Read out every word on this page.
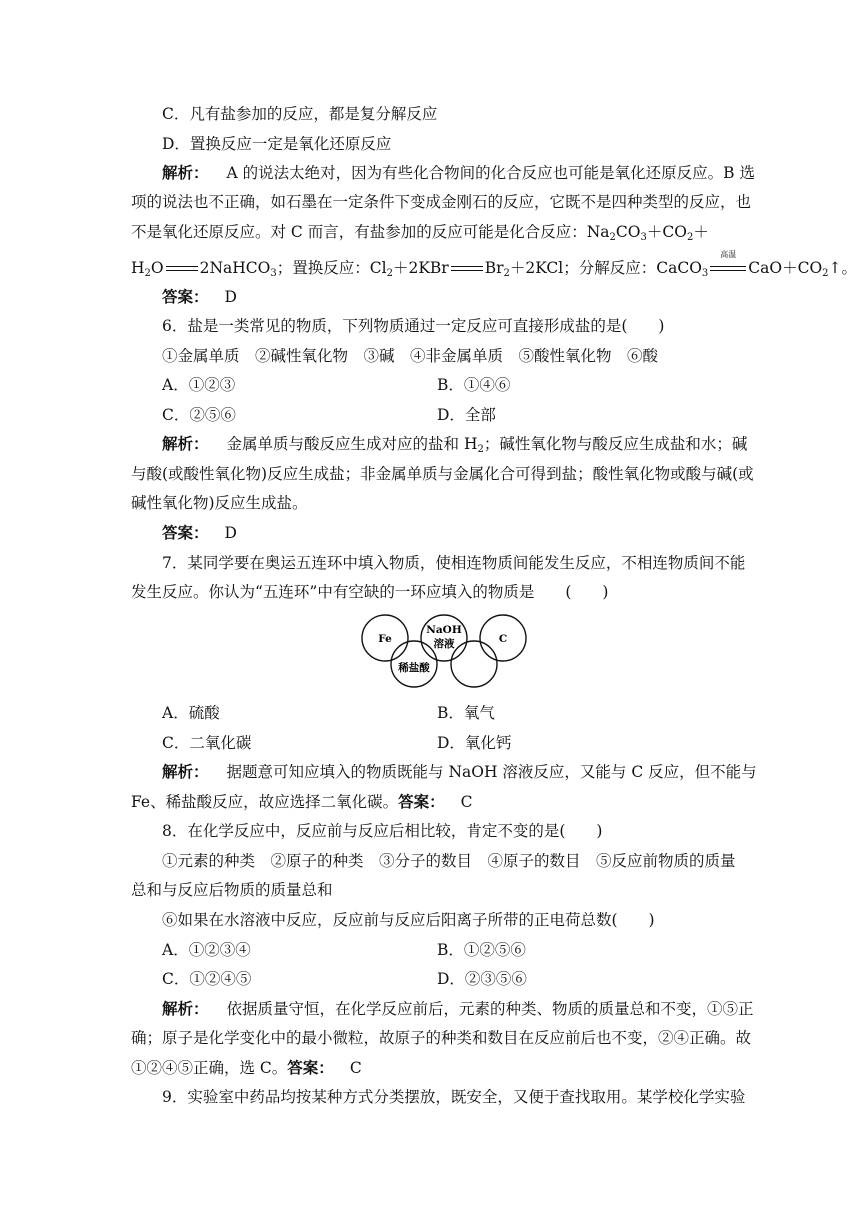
C．凡有盐参加的反应，都是复分解反应
D．置换反应一定是氧化还原反应
解析： A 的说法太绝对，因为有些化合物间的化合反应也可能是氧化还原反应。B 选
项的说法也不正确，如石墨在一定条件下变成金刚石的反应，它既不是四种类型的反应，也
不是氧化还原反应。对 C 而言，有盐参加的反应可能是化合反应：$Na_2CO_3+CO_2+$
$H_2O$ 2NaHCO$_3$；置换反应：$Cl_2+2KBr$ $Br_2+2KCl$；分解反应：CaCO$_3$
高温
$CaO+CO_2↑$。
答案： D
6．盐是一类常见的物质，下列物质通过一定反应可直接形成盐的是(　　)
①金属单质　②碱性氧化物　③碱　④非金属单质　⑤酸性氧化物　⑥酸
A．①②③	B．①④⑥
C．②⑤⑥	D．全部
解析： 金属单质与酸反应生成对应的盐和 $H_2$；碱性氧化物与酸反应生成盐和水；碱
与酸(或酸性氧化物)反应生成盐；非金属单质与金属化合可得到盐；酸性氧化物或酸与碱(或
碱性氧化物)反应生成盐。
答案： D
7．某同学要在奥运五连环中填入物质，使相连物质间能发生反应，不相连物质间不能
发生反应。你认为“五连环”中有空缺的一环应填入的物质是　　(　　)
Fe
NaOH
溶液	C
稀盐酸
A．硫酸	B．氧气
C．二氧化碳	D．氧化钙
解析： 据题意可知应填入的物质既能与 NaOH 溶液反应，又能与 C 反应，但不能与
Fe、稀盐酸反应，故应选择二氧化碳。答案： C
8．在化学反应中，反应前与反应后相比较，肯定不变的是(　　)
①元素的种类　②原子的种类　③分子的数目　④原子的数目　⑤反应前物质的质量
总和与反应后物质的质量总和
⑥如果在水溶液中反应，反应前与反应后阳离子所带的正电荷总数(　　)
A．①②③④	B．①②⑤⑥
C．①②④⑤	D．②③⑤⑥
解析： 依据质量守恒，在化学反应前后，元素的种类、物质的质量总和不变，①⑤正
确；原子是化学变化中的最小微粒，故原子的种类和数目在反应前后也不变，②④正确。故
①②④⑤正确，选 C。答案： C
9．实验室中药品均按某种方式分类摆放，既安全，又便于查找取用。某学校化学实验
